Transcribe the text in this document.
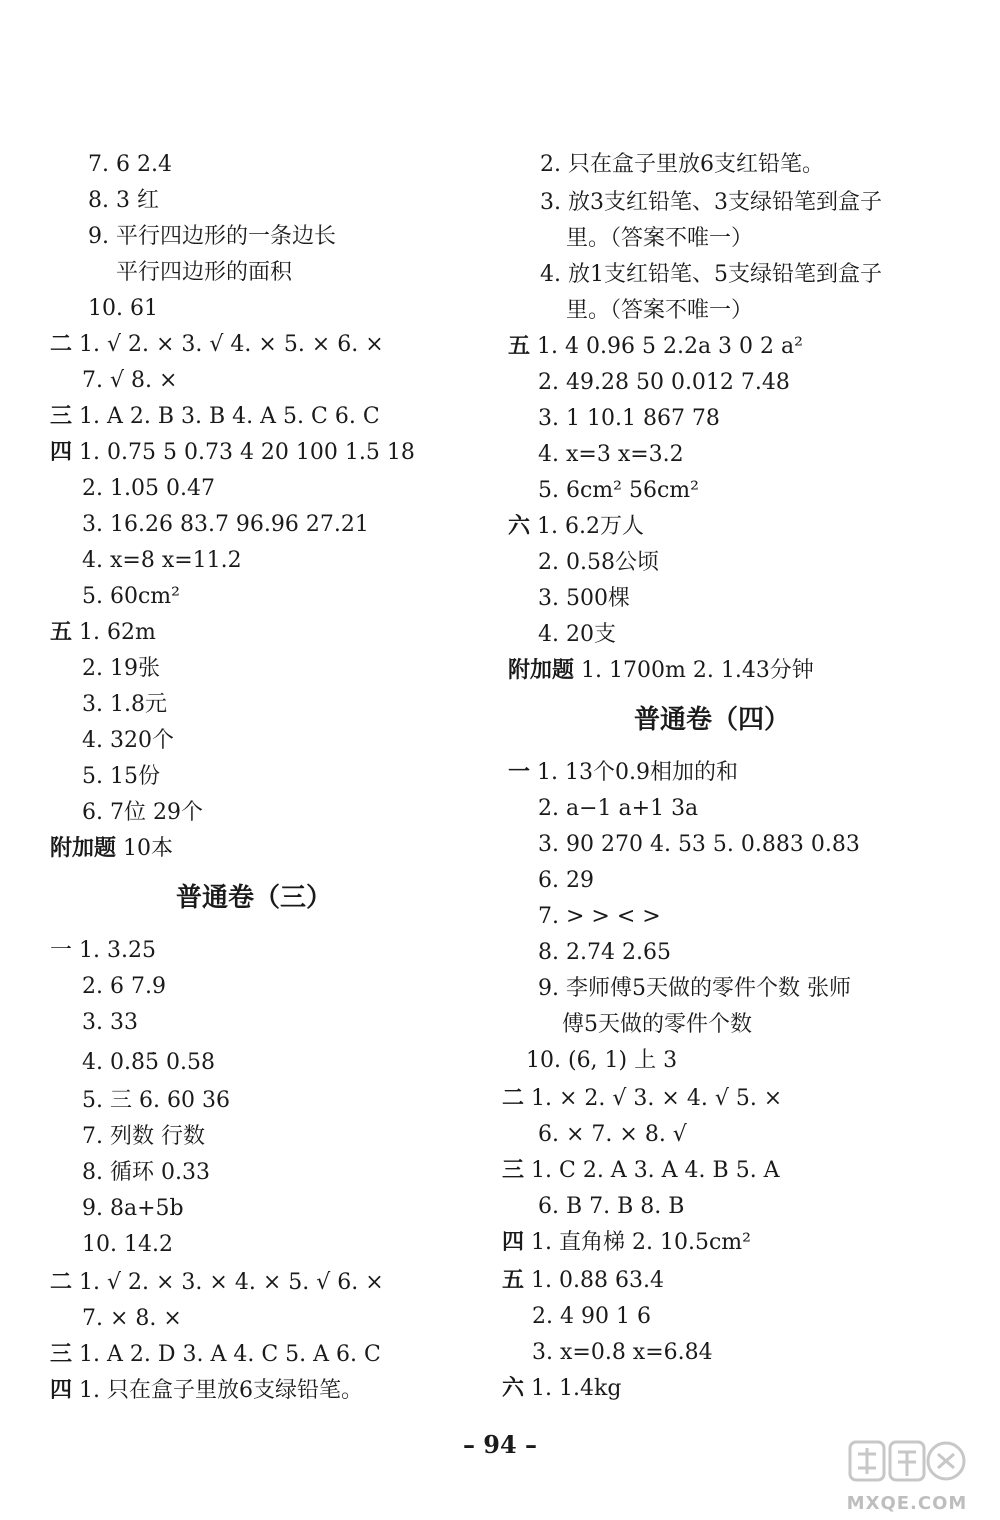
7. 6 2.4
8. 3 红
9. 平行四边形的一条边长
平行四边形的面积
10. 61
二 1. √ 2. × 3. √ 4. × 5. × 6. ×
7. √ 8. ×
三 1. A 2. B 3. B 4. A 5. C 6. C
四 1. 0.75 5 0.73 4 20 100 1.5 18
2. 1.05 0.47
3. 16.26 83.7 96.96 27.21
4. x=8 x=11.2
5. 60cm²
五 1. 62m
2. 19张
3. 1.8元
4. 320个
5. 15份
6. 7位 29个
附加题 10本
普通卷（三）
一 1. 3.25
2. 6 7.9
3. 33
4. 0.8̇5̇ 0.58
5. 三 6. 60 36
7. 列数 行数
8. 循环 0.33
9. 8a+5b
10. 14.2
二 1. √ 2. × 3. × 4. × 5. √ 6. ×
7. × 8. ×
三 1. A 2. D 3. A 4. C 5. A 6. C
四 1. 只在盒子里放6支绿铅笔。
2. 只在盒子里放6支红铅笔。
3. 放3支红铅笔、3支绿铅笔到盒子
里。（答案不唯一）
4. 放1支红铅笔、5支绿铅笔到盒子
里。（答案不唯一）
五 1. 4 0.96 5 2.2a 3 0 2 a²
2. 49.28 50 0.012 7.48
3. 1 10.1 867 78
4. x=3 x=3.2
5. 6cm² 56cm²
六 1. 6.2万人
2. 0.58公顷
3. 500棵
4. 20支
附加题 1. 1700m 2. 1.43分钟
普通卷（四）
一 1. 13个0.9相加的和
2. a−1 a+1 3a
3. 90 270 4. 53 5. 0.883 0.83
6. 29
7. > > < >
8. 2.74 2.65
9. 李师傅5天做的零件个数 张师
傅5天做的零件个数
10. (6, 1) 上 3
二 1. × 2. √ 3. × 4. √ 5. ×
6. × 7. × 8. √
三 1. C 2. A 3. A 4. B 5. A
6. B 7. B 8. B
四 1. 直角梯 2. 10.5cm²
五 1. 0.88 63.4
2. 4 90 1 6
3. x=0.8 x=6.84
六 1. 1.4kg
– 94 –
MXQE.COM
